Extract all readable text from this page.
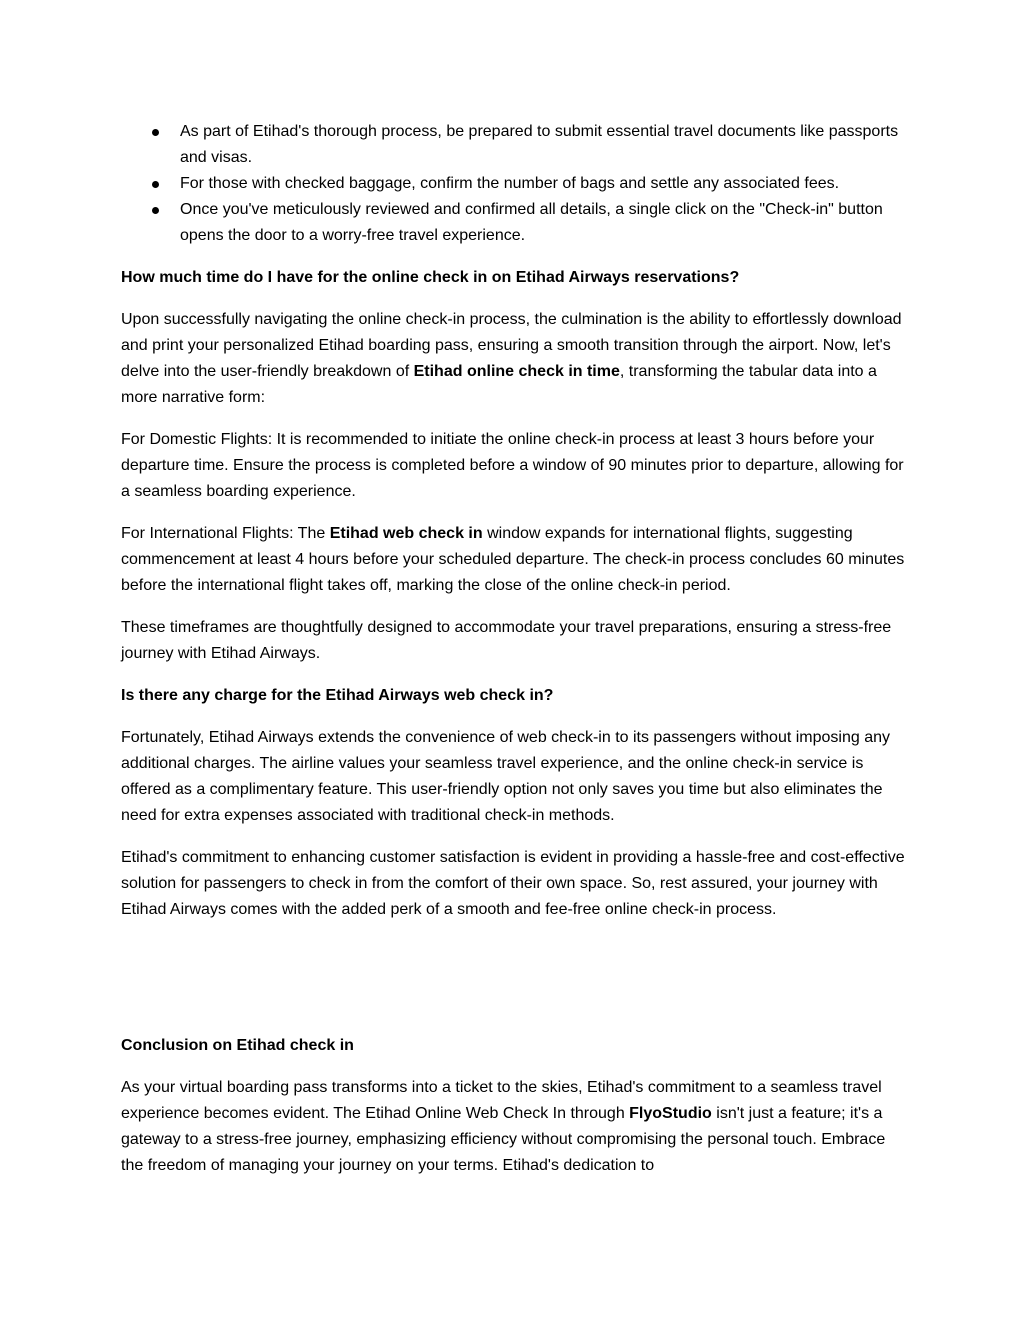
As part of Etihad's thorough process, be prepared to submit essential travel documents like passports and visas.
For those with checked baggage, confirm the number of bags and settle any associated fees.
Once you've meticulously reviewed and confirmed all details, a single click on the "Check-in" button opens the door to a worry-free travel experience.

How much time do I have for the online check in on Etihad Airways reservations?

Upon successfully navigating the online check-in process, the culmination is the ability to effortlessly download and print your personalized Etihad boarding pass, ensuring a smooth transition through the airport. Now, let's delve into the user-friendly breakdown of Etihad online check in time, transforming the tabular data into a more narrative form:

For Domestic Flights: It is recommended to initiate the online check-in process at least 3 hours before your departure time. Ensure the process is completed before a window of 90 minutes prior to departure, allowing for a seamless boarding experience.

For International Flights: The Etihad web check in window expands for international flights, suggesting commencement at least 4 hours before your scheduled departure. The check-in process concludes 60 minutes before the international flight takes off, marking the close of the online check-in period.

These timeframes are thoughtfully designed to accommodate your travel preparations, ensuring a stress-free journey with Etihad Airways.

Is there any charge for the Etihad Airways web check in?

Fortunately, Etihad Airways extends the convenience of web check-in to its passengers without imposing any additional charges. The airline values your seamless travel experience, and the online check-in service is offered as a complimentary feature. This user-friendly option not only saves you time but also eliminates the need for extra expenses associated with traditional check-in methods.

Etihad's commitment to enhancing customer satisfaction is evident in providing a hassle-free and cost-effective solution for passengers to check in from the comfort of their own space. So, rest assured, your journey with Etihad Airways comes with the added perk of a smooth and fee-free online check-in process.

Conclusion on Etihad check in

As your virtual boarding pass transforms into a ticket to the skies, Etihad's commitment to a seamless travel experience becomes evident. The Etihad Online Web Check In through FlyoStudio isn't just a feature; it's a gateway to a stress-free journey, emphasizing efficiency without compromising the personal touch. Embrace the freedom of managing your journey on your terms. Etihad's dedication to
